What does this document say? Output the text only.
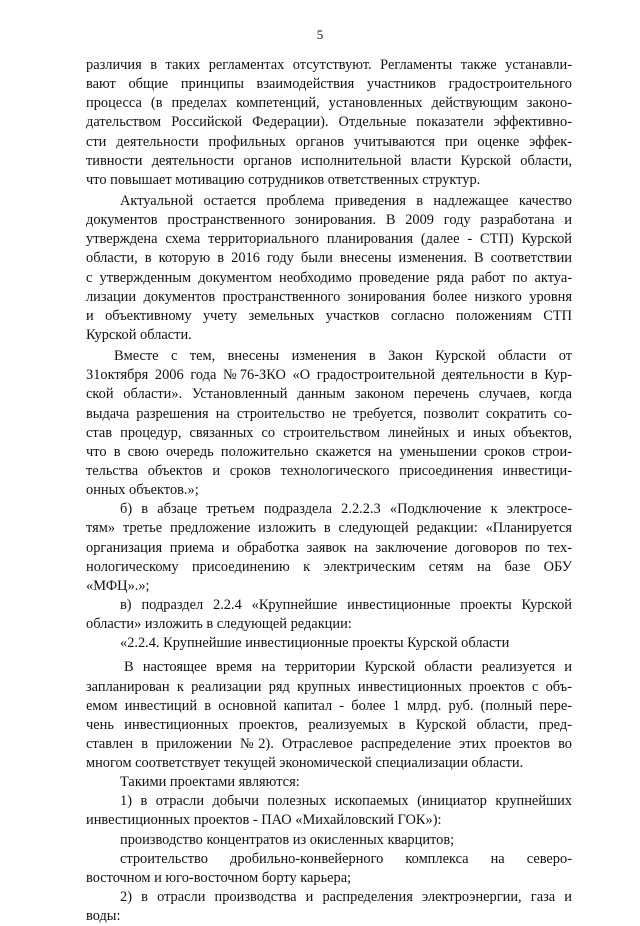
5
различия в таких регламентах отсутствуют. Регламенты также устанавли-
вают общие принципы взаимодействия участников градостроительного
процесса (в пределах компетенций, установленных действующим законо-
дательством Российской Федерации). Отдельные показатели эффективно-
сти деятельности профильных органов учитываются при оценке эффек-
тивности деятельности органов исполнительной власти Курской области,
что повышает мотивацию сотрудников ответственных структур.
Актуальной остается проблема приведения в надлежащее качество
документов пространственного зонирования. В 2009 году разработана и
утверждена схема территориального планирования (далее - СТП) Курской
области, в которую в 2016 году были внесены изменения. В соответствии
с утвержденным документом необходимо проведение ряда работ по актуа-
лизации документов пространственного зонирования более низкого уровня
и объективному учету земельных участков согласно положениям СТП
Курской области.
Вместе с тем, внесены изменения в Закон Курской области от
31октября 2006 года №76-ЗКО «О градостроительной деятельности в Кур-
ской области». Установленный данным законом перечень случаев, когда
выдача разрешения на строительство не требуется, позволит сократить со-
став процедур, связанных со строительством линейных и иных объектов,
что в свою очередь положительно скажется на уменьшении сроков строи-
тельства объектов и сроков технологического присоединения инвестици-
онных объектов.»;
б) в абзаце третьем подраздела 2.2.2.3 «Подключение к электросе-
тям» третье предложение изложить в следующей редакции: «Планируется
организация приема и обработка заявок на заключение договоров по тех-
нологическому присоединению к электрическим сетям на базе ОБУ
«МФЦ».»;
в) подраздел 2.2.4 «Крупнейшие инвестиционные проекты Курской
области» изложить в следующей редакции:
«2.2.4. Крупнейшие инвестиционные проекты Курской области
В настоящее время на территории Курской области реализуется и
запланирован к реализации ряд крупных инвестиционных проектов с объ-
емом инвестиций в основной капитал - более 1 млрд. руб. (полный пере-
чень инвестиционных проектов, реализуемых в Курской области, пред-
ставлен в приложении №2). Отраслевое распределение этих проектов во
многом соответствует текущей экономической специализации области.
Такими проектами являются:
1) в отрасли добычи полезных ископаемых (инициатор крупнейших
инвестиционных проектов - ПАО «Михайловский ГОК»):
производство концентратов из окисленных кварцитов;
строительство дробильно-конвейерного комплекса на северо-
восточном и юго-восточном борту карьера;
2) в отрасли производства и распределения электроэнергии, газа и
воды:
